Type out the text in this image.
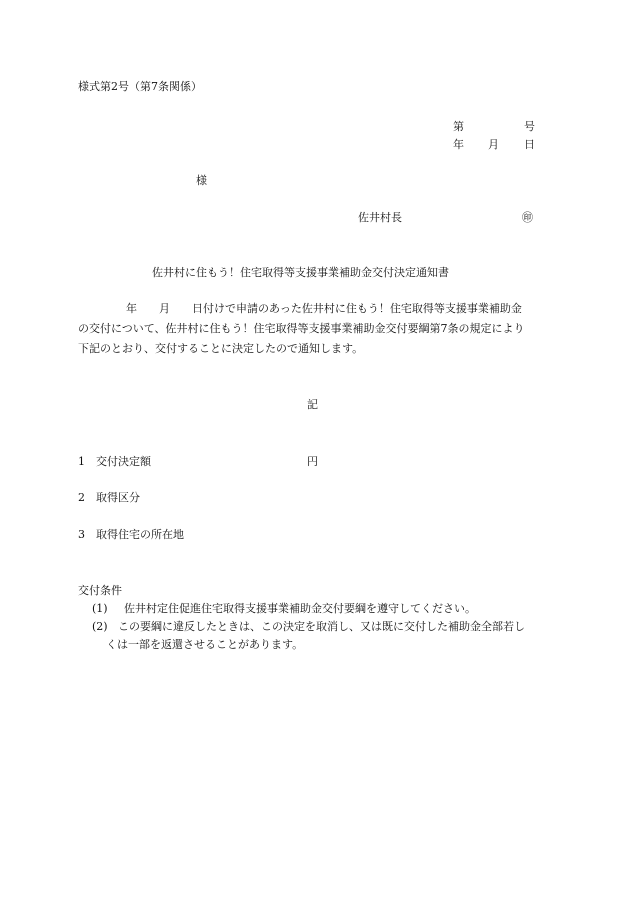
様式第2号（第7条関係）
第	号
年 月 日
様
佐井村長	㊞
佐井村に住もう！住宅取得等支援事業補助金交付決定通知書
年 月 日付けで申請のあった佐井村に住もう！住宅取得等支援事業補助金
の交付について、佐井村に住もう！住宅取得等支援事業補助金交付要綱第7条の規定により
下記のとおり、交付することに決定したので通知します。
記
1 交付決定額	円
2 取得区分
3 取得住宅の所在地
交付条件
(1) 佐井村定住促進住宅取得支援事業補助金交付要綱を遵守してください。
(2) この要綱に違反したときは、この決定を取消し、又は既に交付した補助金全部若し
くは一部を返還させることがあります。
